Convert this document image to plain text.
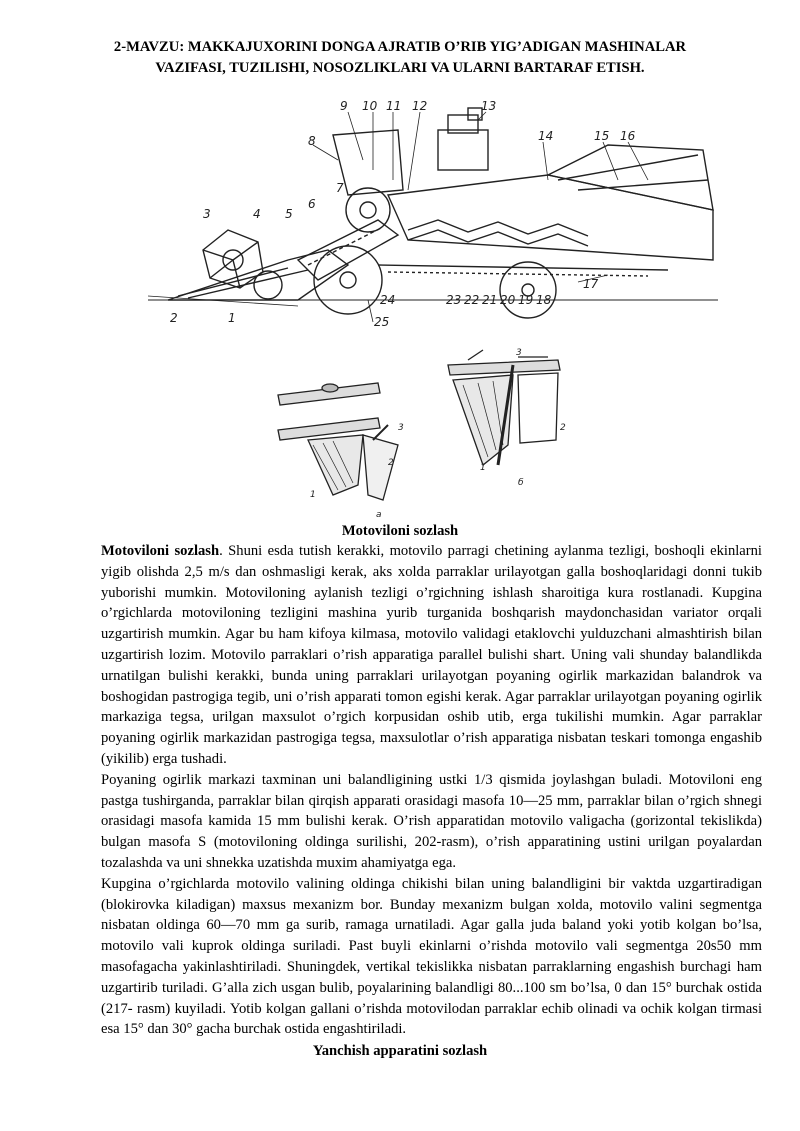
2-MAVZU: MAKKAJUXORINI DONGA AJRATIB O’RIB YIG’ADIGAN MASHINALAR
VAZIFASI, TUZILISHI, NOSOZLIKLARI VA ULARNI BARTARAF ETISH.
9 10 11 12	13
14	15 16
8
3	4 5
6
7
2	1
24
25
23 22 21 20 19 18
17
3
2
1
a
3
2
1
б
Motovilonі sozlash

Motoviloni sozlash. Shuni esda tutish kerakki, motovilo parragi chetining aylanma tezligi, boshoqli ekinlarni yigib olishda 2,5 m/s dan oshmasligi kerak, aks xolda parraklar urilayotgan galla boshoqlaridagi donni tukib yuborishi mumkin. Motoviloning aylanish tezligi o’rgichning ishlash sharoitiga kura rostlanadi. Kupgina o’rgichlarda motoviloning tezligini mashina yurib turganida boshqarish maydonchasidan variator orqali uzgartirish mumkin. Agar bu ham kifoya kilmasa, motovilo validagi etaklovchi yulduzchani almashtirish bilan uzgartirish lozim. Motovilo parraklari o’rish apparatiga parallel bulishi shart. Uning vali shunday balandlikda urnatilgan bulishi kerakki, bunda uning parraklari urilayotgan poyaning ogirlik markazidan balandrok va boshogidan pastrogiga tegib, uni o’rish apparati tomon egishi kerak. Agar parraklar urilayotgan poyaning ogirlik markaziga tegsa, urilgan maxsulot o’rgich korpusidan oshib utib, erga tukilishi mumkin. Agar parraklar poyaning ogirlik markazidan pastrogiga tegsa, maxsulotlar o’rish apparatiga nisbatan teskari tomonga engashib (yikilib) erga tushadi.

Poyaning ogirlik markazi taxminan uni balandligining ustki 1/3 qismida joylashgan buladi. Motovilonі eng pastga tushirganda, parraklar bilan qirqish apparati orasidagi masofa 10—25 mm, parraklar bilan o’rgich shnegi orasidagi masofa kamida 15 mm bulishi kerak. O’rish apparatidan motovilo valigacha (gorizontal tekislikda) bulgan masofa S (motoviloning oldinga surilishi, 202-rasm), o’rish apparatining ustini urilgan poyalardan tozalashda va uni shnekka uzatishda muxim ahamiyatga ega.

Kupgina o’rgichlarda motovilo valining oldinga chikishi bilan uning balandligini bir vaktda uzgartiradigan (blokirovka kiladigan) maxsus mexanizm bor. Bunday mexanizm bulgan xolda, motovilo valini segmentga nisbatan oldinga 60—70 mm ga surib, ramaga urnatiladi. Agar galla juda baland yoki yotib kolgan bo’lsa, motovilo vali kuprok oldinga suriladi. Past buyli ekinlarni o’rishda motovilo vali segmentga 20s50 mm masofagacha yakinlashtiriladi. Shuningdek, vertikal tekislikka nisbatan parraklarning engashish burchagi ham uzgartirib turiladi. G’alla zich usgan bulib, poyalarining balandligi 80...100 sm bo’lsa, 0 dan 15° burchak ostida (217- rasm) kuyiladi. Yotib kolgan gallani o’rishda motovilodan parraklar echib olinadi va ochik kolgan tirmasi esa 15° dan 30° gacha burchak ostida engashtiriladi.

Yanchish apparatini sozlash
